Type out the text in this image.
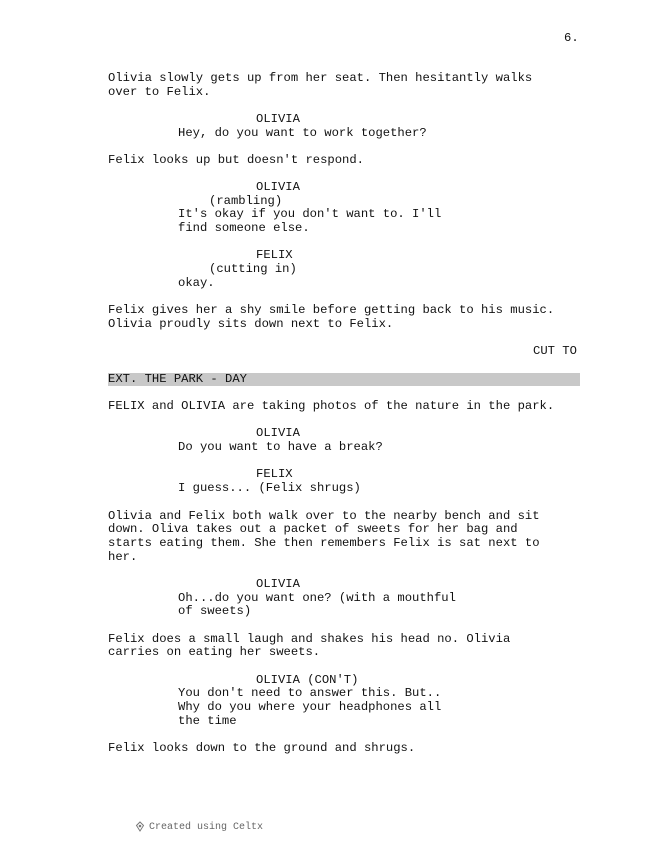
6.
Olivia slowly gets up from her seat. Then hesitantly walks
over to Felix.
OLIVIA
Hey, do you want to work together?
Felix looks up but doesn't respond.
OLIVIA
(rambling)
It's okay if you don't want to. I'll
find someone else.
FELIX
(cutting in)
okay.
Felix gives her a shy smile before getting back to his music.
Olivia proudly sits down next to Felix.
CUT TO
EXT. THE PARK - DAY
FELIX and OLIVIA are taking photos of the nature in the park.
OLIVIA
Do you want to have a break?
FELIX
I guess... (Felix shrugs)
Olivia and Felix both walk over to the nearby bench and sit
down. Oliva takes out a packet of sweets for her bag and
starts eating them. She then remembers Felix is sat next to
her.
OLIVIA
Oh...do you want one? (with a mouthful
of sweets)
Felix does a small laugh and shakes his head no. Olivia
carries on eating her sweets.
OLIVIA (CON'T)
You don't need to answer this. But..
Why do you where your headphones all
the time
Felix looks down to the ground and shrugs.

Created using Celtx
